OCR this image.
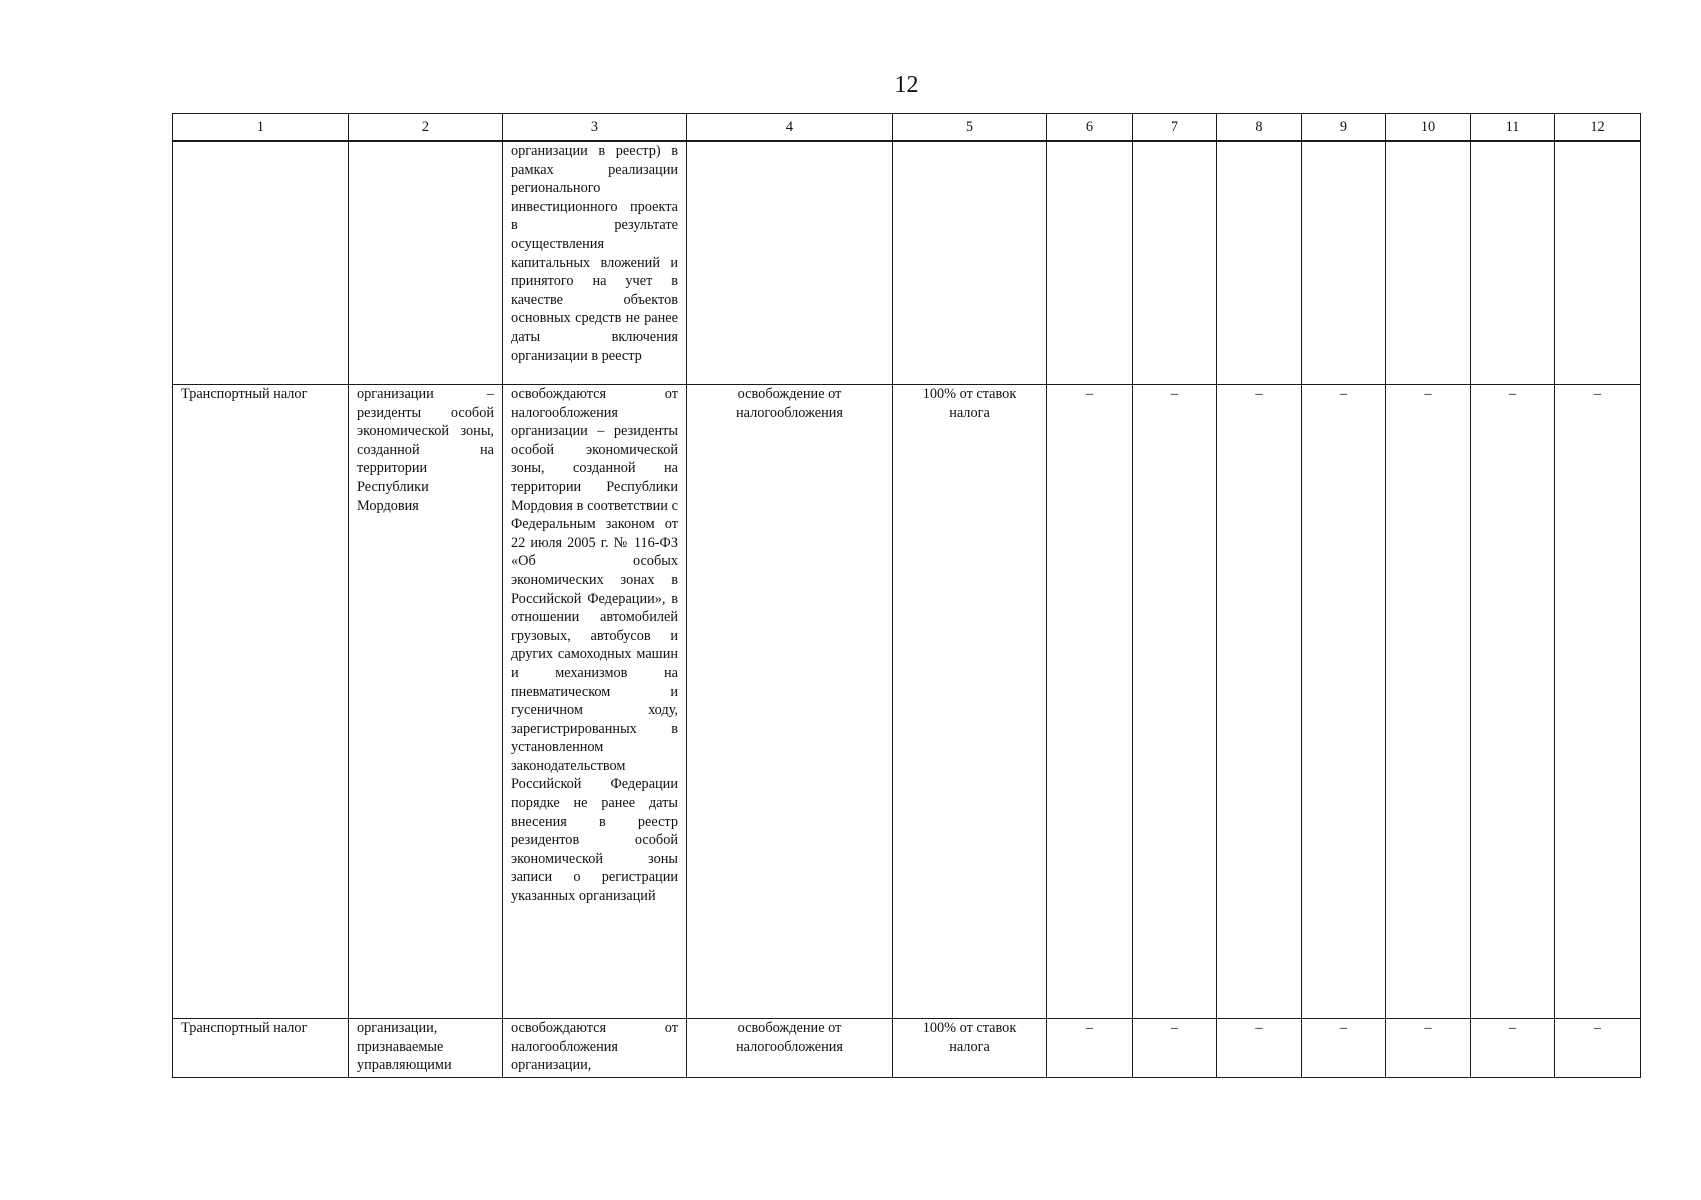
12
1	2	3	4	5	6	7	8	9	10	11	12
		организации в реестр) в рамках реализации регионального инвестиционного проекта в результате осуществления капитальных вложений и принятого на учет в качестве объектов основных средств не ранее даты включения организации в реестр									
Транспортный налог	организации – резиденты особой экономической зоны, созданной на территории Республики Мордовия	освобождаются от налогообложения организации – резиденты особой экономической зоны, созданной на территории Республики Мордовия в соответствии с Федеральным законом от 22 июля 2005 г. № 116-ФЗ «Об особых экономических зонах в Российской Федерации», в отношении автомобилей грузовых, автобусов и других самоходных машин и механизмов на пневматическом и гусеничном ходу, зарегистрированных в установленном законодательством Российской Федерации порядке не ранее даты внесения в реестр резидентов особой экономической зоны записи о регистрации указанных организаций	освобождение от налогообложения	100% от ставок налога	–	–	–	–	–	–	–
Транспортный налог	организации, признаваемые управляющими	освобождаются от налогообложения организации,	освобождение от налогообложения	100% от ставок налога	–	–	–	–	–	–	–
